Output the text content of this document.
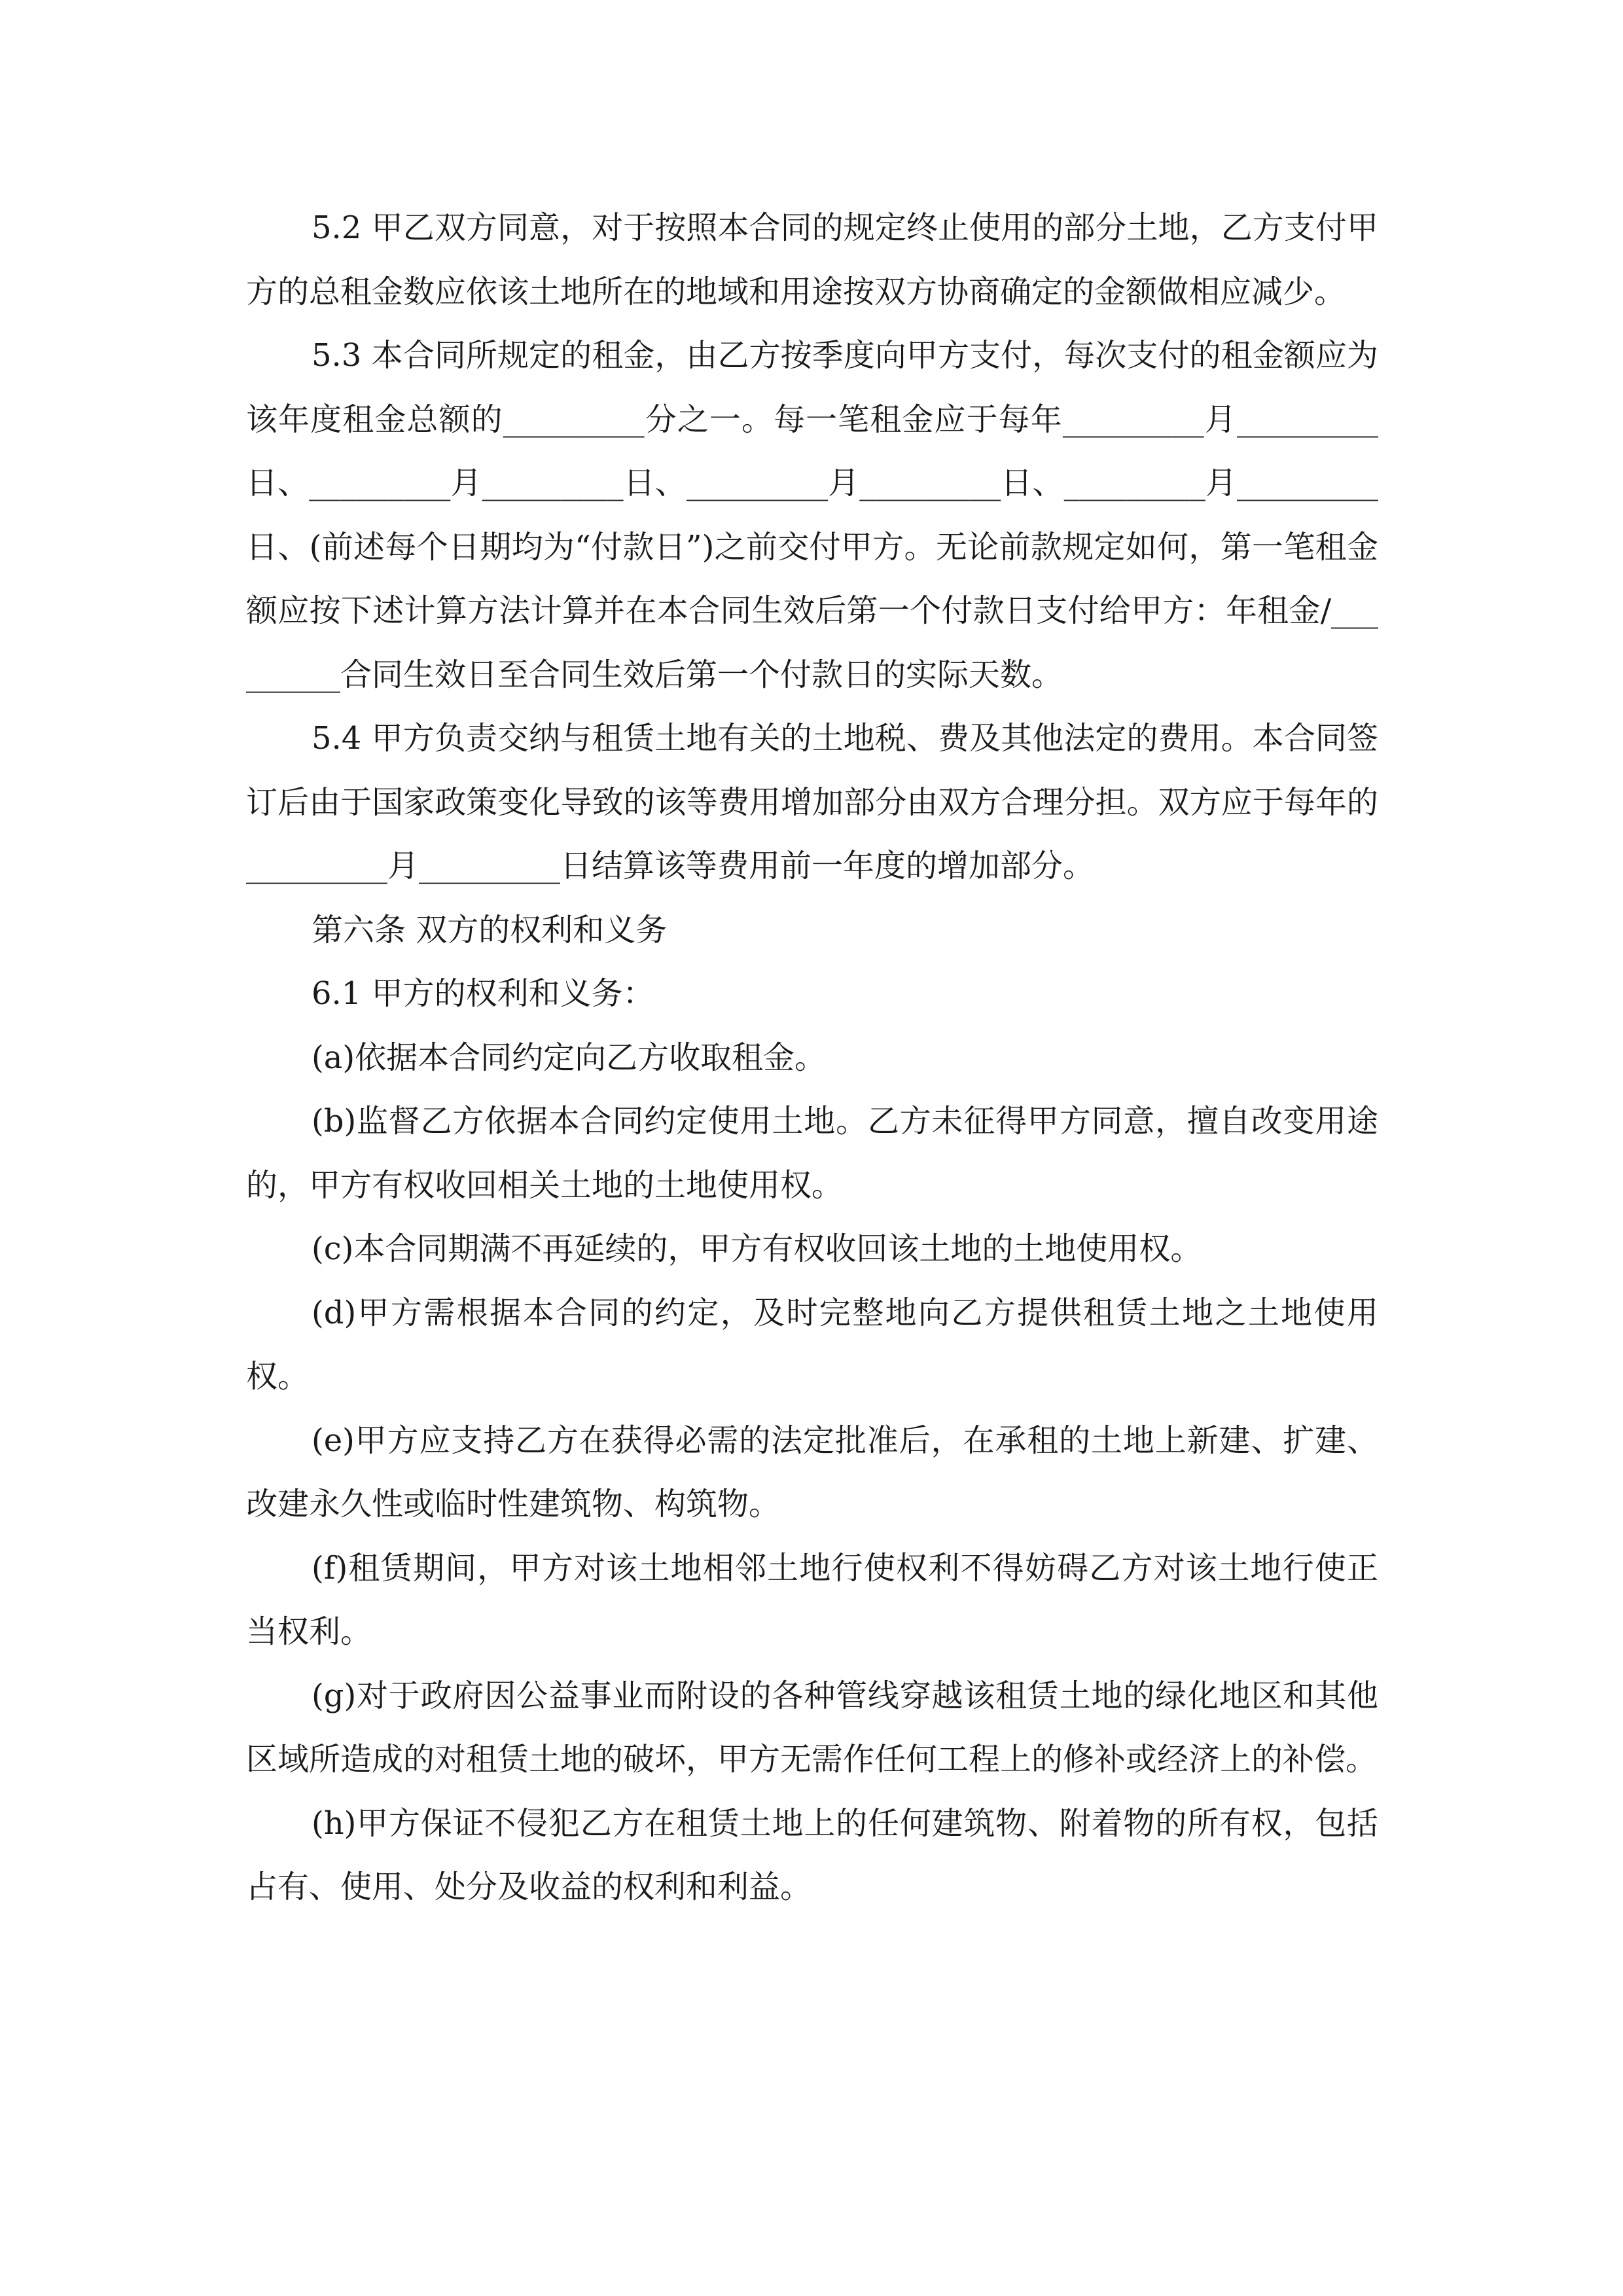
5.2 甲乙双方同意，对于按照本合同的规定终止使用的部分土地，乙方支付甲方的总租金数应依该土地所在的地域和用途按双方协商确定的金额做相应减少。

5.3 本合同所规定的租金，由乙方按季度向甲方支付，每次支付的租金额应为该年度租金总额的_________分之一。每一笔租金应于每年_________月_________日、_________月_________日、_________月_________日、_________月_________日、(前述每个日期均为“付款日”)之前交付甲方。无论前款规定如何，第一笔租金额应按下述计算方法计算并在本合同生效后第一个付款日支付给甲方：年租金/_________合同生效日至合同生效后第一个付款日的实际天数。

5.4 甲方负责交纳与租赁土地有关的土地税、费及其他法定的费用。本合同签订后由于国家政策变化导致的该等费用增加部分由双方合理分担。双方应于每年的_________月_________日结算该等费用前一年度的增加部分。

第六条 双方的权利和义务

6.1 甲方的权利和义务：

(a)依据本合同约定向乙方收取租金。

(b)监督乙方依据本合同约定使用土地。乙方未征得甲方同意，擅自改变用途的，甲方有权收回相关土地的土地使用权。

(c)本合同期满不再延续的，甲方有权收回该土地的土地使用权。

(d)甲方需根据本合同的约定，及时完整地向乙方提供租赁土地之土地使用权。

(e)甲方应支持乙方在获得必需的法定批准后，在承租的土地上新建、扩建、改建永久性或临时性建筑物、构筑物。

(f)租赁期间，甲方对该土地相邻土地行使权利不得妨碍乙方对该土地行使正当权利。

(g)对于政府因公益事业而附设的各种管线穿越该租赁土地的绿化地区和其他区域所造成的对租赁土地的破坏，甲方无需作任何工程上的修补或经济上的补偿。

(h)甲方保证不侵犯乙方在租赁土地上的任何建筑物、附着物的所有权，包括占有、使用、处分及收益的权利和利益。
